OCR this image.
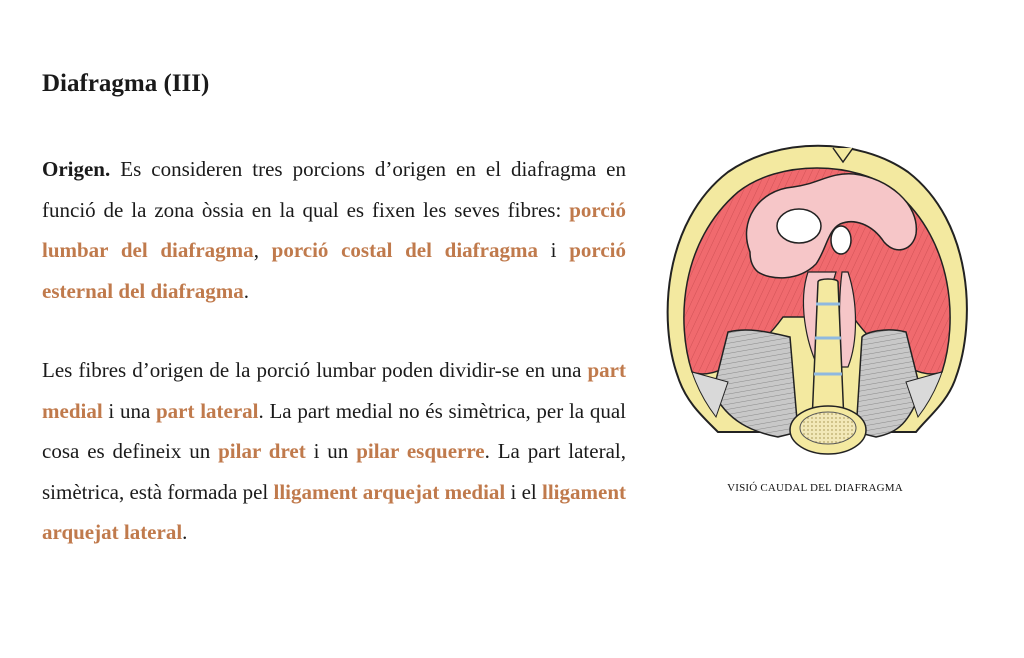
Diafragma (III)

Origen. Es consideren tres porcions d’origen en el diafragma en funció de la zona òssia en la qual es fixen les seves fibres: porció lumbar del diafragma, porció costal del diafragma i porció esternal del diafragma.

Les fibres d’origen de la porció lumbar poden dividir-se en una part medial i una part lateral. La part medial no és simètrica, per la qual cosa es defineix un pilar dret i un pilar esquerre. La part lateral, simètrica, està formada pel lligament arquejat medial i el lligament arquejat lateral.

VISIÓ CAUDAL DEL DIAFRAGMA
